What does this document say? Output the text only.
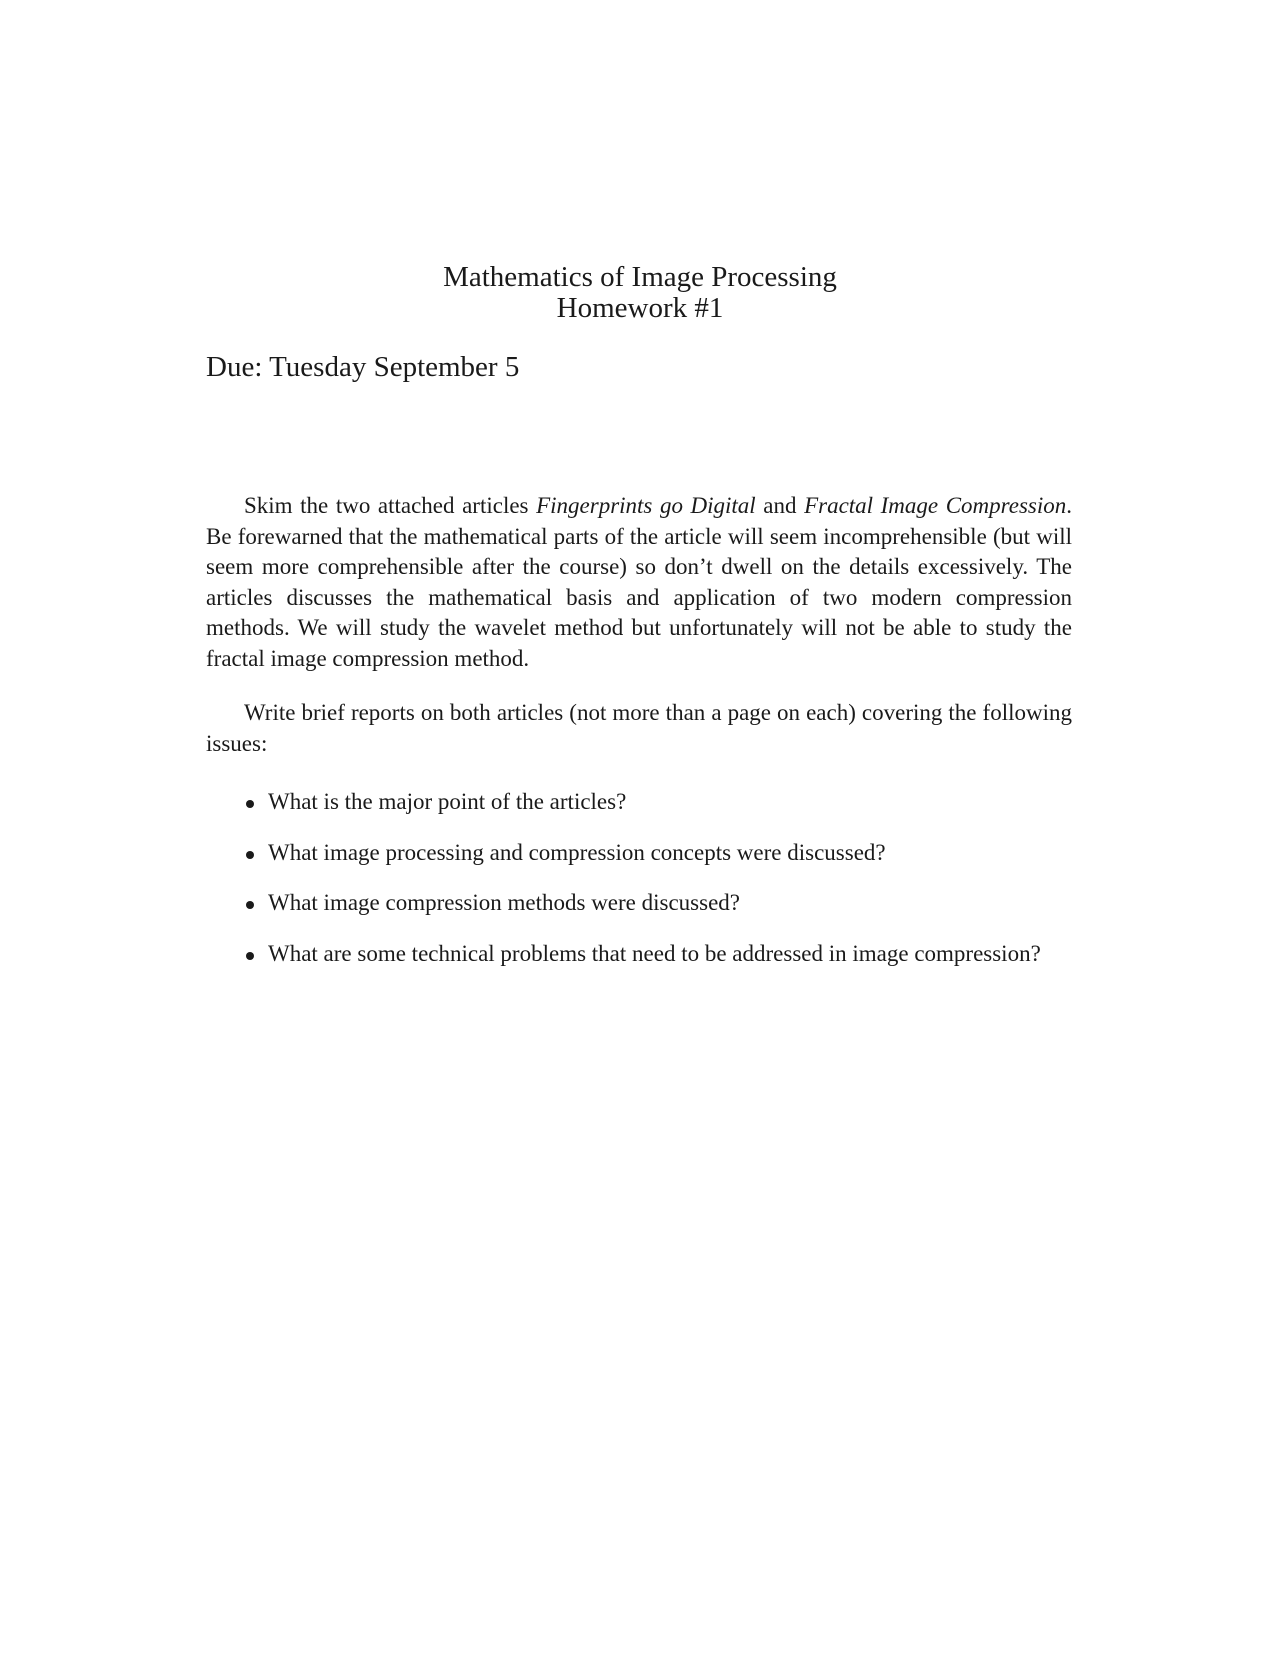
Mathematics of Image Processing
Homework #1
Due: Tuesday September 5

Skim the two attached articles Fingerprints go Digital and Fractal Image Compression. Be forewarned that the mathematical parts of the article will seem incomprehensible (but will seem more comprehensible after the course) so don’t dwell on the details excessively. The articles discusses the mathematical basis and application of two modern compression methods. We will study the wavelet method but unfortunately will not be able to study the fractal image compression method.

Write brief reports on both articles (not more than a page on each) covering the following issues:

What is the major point of the articles?
What image processing and compression concepts were discussed?
What image compression methods were discussed?
What are some technical problems that need to be addressed in image compression?
